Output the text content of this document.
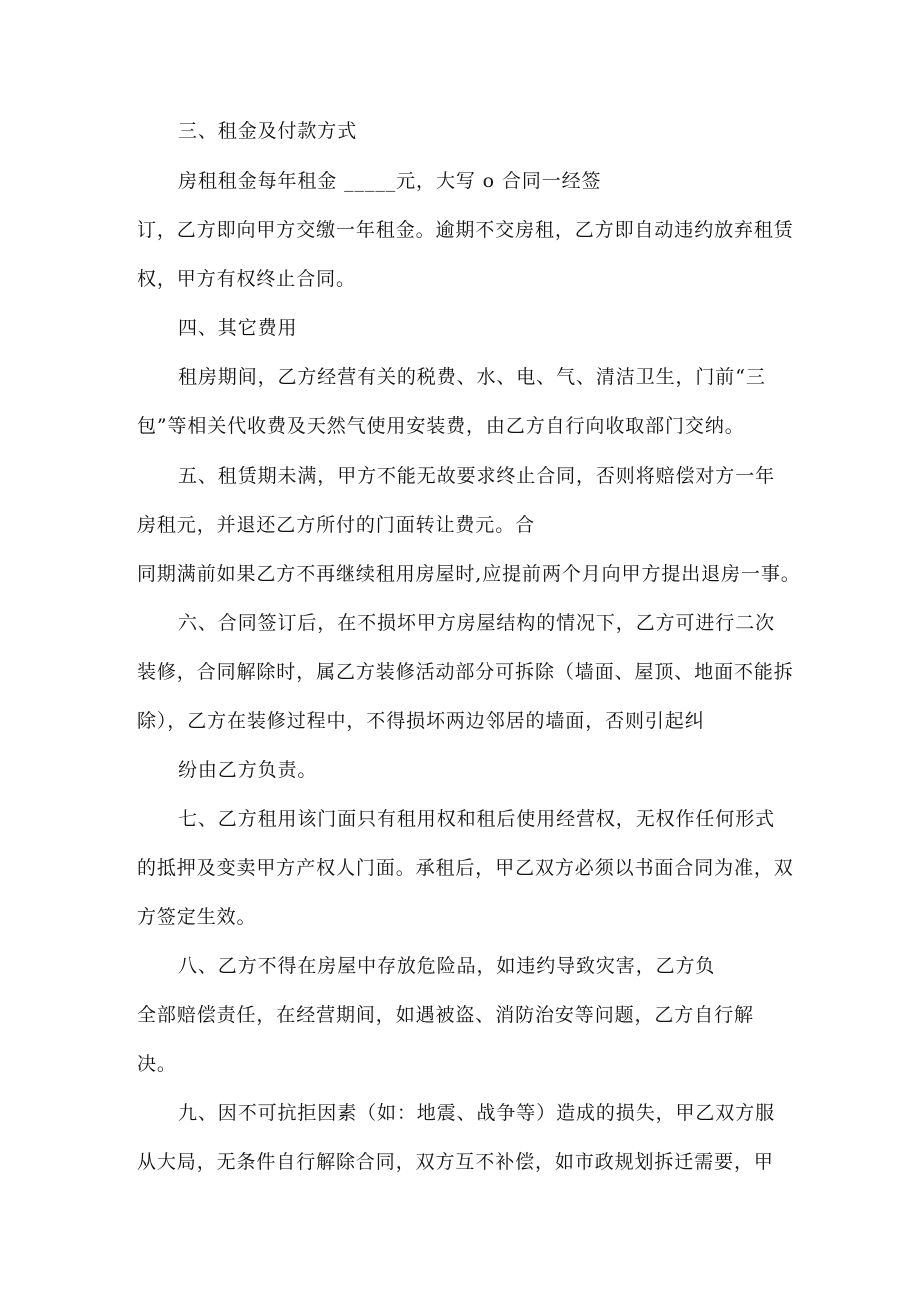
三、租金及付款方式
房租租金每年租金 _____元，大写 o 合同一经签
订，乙方即向甲方交缴一年租金。逾期不交房租，乙方即自动违约放弃租赁
权，甲方有权终止合同。
四、其它费用
租房期间，乙方经营有关的税费、水、电、气、清洁卫生，门前“三
包”等相关代收费及天然气使用安装费，由乙方自行向收取部门交纳。
五、租赁期未满，甲方不能无故要求终止合同，否则将赔偿对方一年
房租元，并退还乙方所付的门面转让费元。合
同期满前如果乙方不再继续租用房屋时,应提前两个月向甲方提出退房一事。
六、合同签订后，在不损坏甲方房屋结构的情况下，乙方可进行二次
装修，合同解除时，属乙方装修活动部分可拆除（墙面、屋顶、地面不能拆
除），乙方在装修过程中，不得损坏两边邻居的墙面，否则引起纠
纷由乙方负责。
七、乙方租用该门面只有租用权和租后使用经营权，无权作任何形式
的抵押及变卖甲方产权人门面。承租后，甲乙双方必须以书面合同为准，双
方签定生效。
八、乙方不得在房屋中存放危险品，如违约导致灾害，乙方负
全部赔偿责任，在经营期间，如遇被盗、消防治安等问题，乙方自行解
决。
九、因不可抗拒因素（如：地震、战争等）造成的损失，甲乙双方服
从大局，无条件自行解除合同，双方互不补偿，如市政规划拆迁需要，甲
